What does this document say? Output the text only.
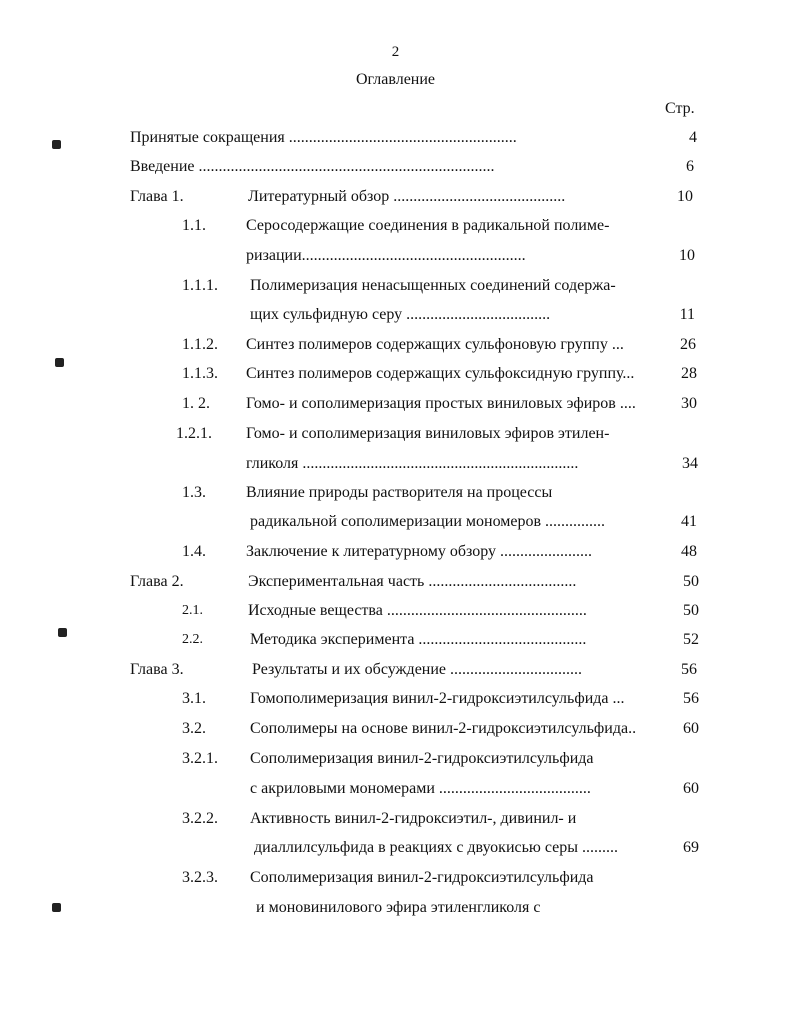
2
Оглавление
Стр.
Принятые сокращения .........................................................	4
Введение ..........................................................................	6
Глава 1.	Литературный обзор ...........................................	10
1.1.	Серосодержащие соединения в радикальной полиме-
ризации........................................................	10
1.1.1. Полимеризация ненасыщенных соединений содержа-
щих сульфидную серу ....................................	11
1.1.2. Синтез полимеров содержащих сульфоновую группу ...	26
1.1.3. Синтез полимеров содержащих сульфоксидную группу...	28
1. 2. Гомо- и сополимеризация простых виниловых эфиров ....	30
1.2.1. Гомо- и сополимеризация виниловых эфиров этилен-
гликоля .....................................................................	34
1.3.	Влияние природы растворителя на процессы
радикальной сополимеризации мономеров ...............	41
1.4.	Заключение к литературному обзору .......................	48
Глава 2.	Экспериментальная часть .....................................	50
2.1.	Исходные вещества ..................................................	50
2.2.	Методика эксперимента ..........................................	52
Глава 3.	Результаты и их обсуждение .................................	56
3.1.	Гомополимеризация винил-2-гидроксиэтилсульфида ...	56
3.2.	Сополимеры на основе винил-2-гидроксиэтилсульфида..	60
3.2.1. Сополимеризация винил-2-гидроксиэтилсульфида
с акриловыми мономерами ......................................	60
3.2.2. Активность винил-2-гидроксиэтил-, дивинил- и
диаллилсульфида в реакциях с двуокисью серы .........	69
3.2.3. Сополимеризация винил-2-гидроксиэтилсульфида
и моновинилового эфира этиленгликоля с
